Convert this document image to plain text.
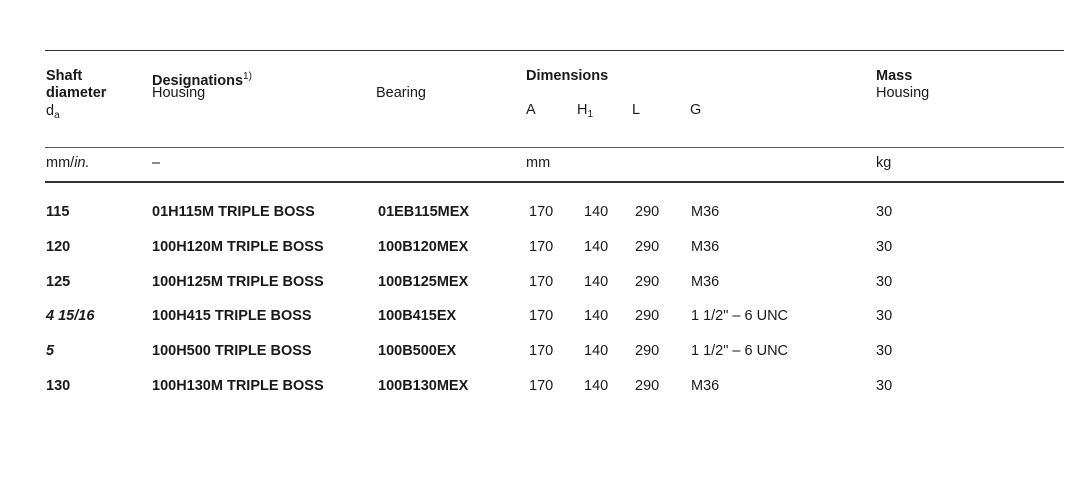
Shaft
diameter
$d_a$
Designations$^{1)}$
Housing	Bearing
Dimensions
A	$H_1$	L	G
Mass
Housing
mm/in.	–	mm	kg
115	01H115M TRIPLE BOSS	01EB115MEX	170 140 290 M36	30
120	100H120M TRIPLE BOSS	100B120MEX	170 140 290 M36	30
125	100H125M TRIPLE BOSS	100B125MEX	170 140 290 M36	30
4 15/16	100H415 TRIPLE BOSS	100B415EX	170 140 290 1 1/2" – 6 UNC	30
5	100H500 TRIPLE BOSS	100B500EX	170 140 290 1 1/2" – 6 UNC	30
130	100H130M TRIPLE BOSS	100B130MEX	170 140 290 M36	30
